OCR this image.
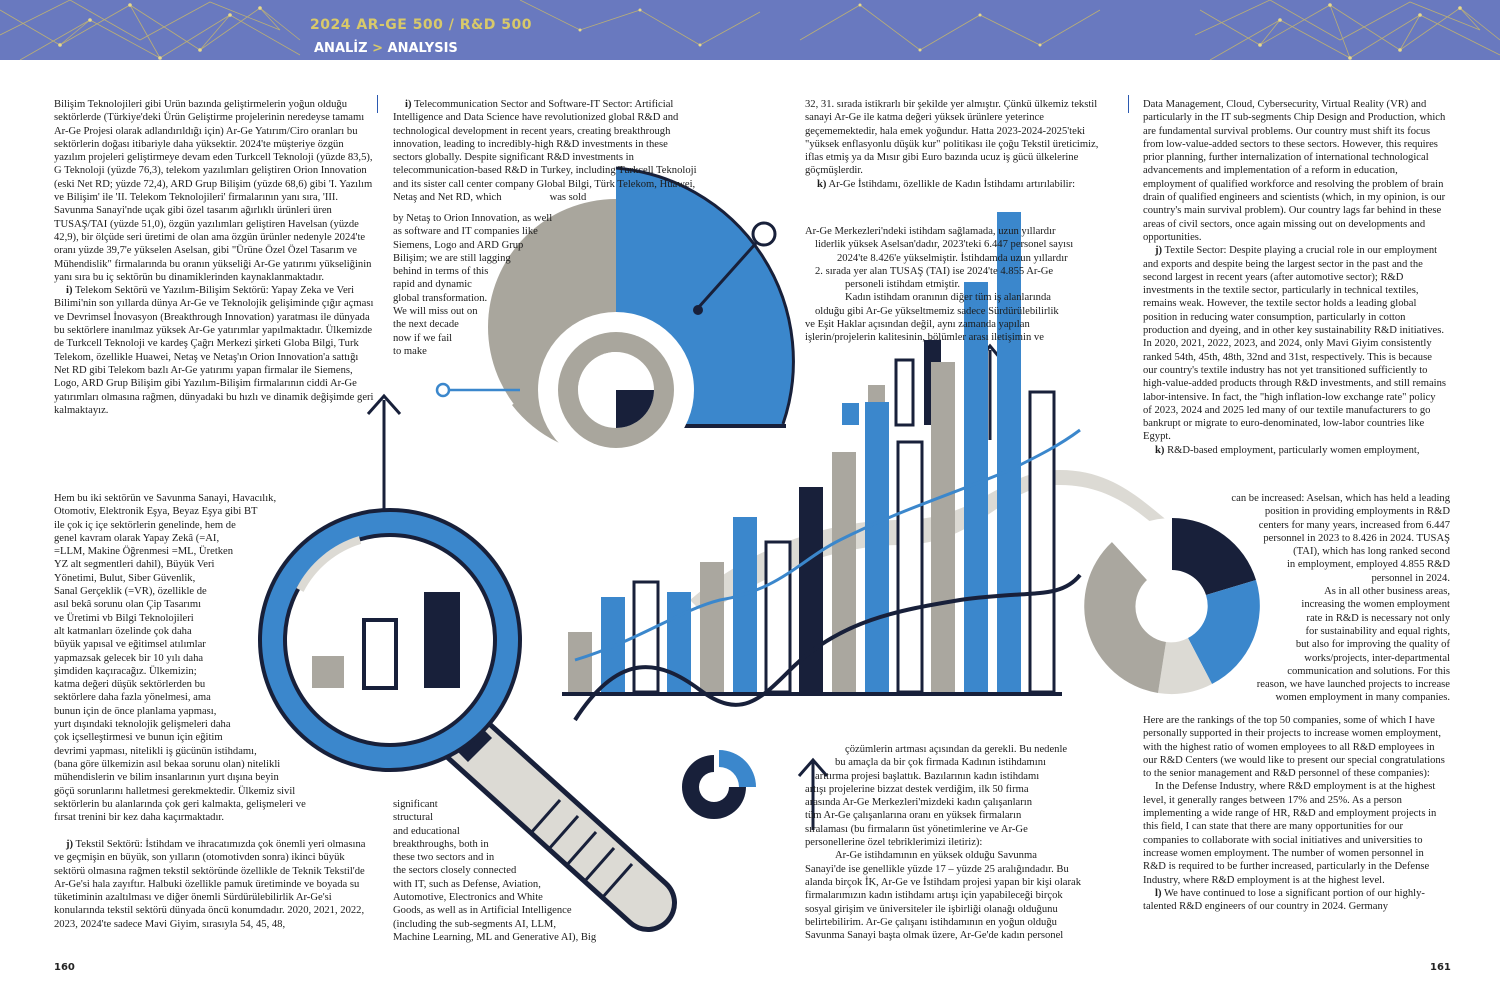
2024 AR-GE 500 / R&D 500
ANALİZ > ANALYSIS

Bilişim Teknolojileri gibi Urün bazında geliştirmelerin yoğun olduğu sektörlerde (Türkiye'deki Ürün Geliştirme projelerinin neredeyse tamamı Ar-Ge Projesi olarak adlandırıldığı için) Ar-Ge Yatırım/Ciro oranları bu sektörlerin doğası itibariyle daha yüksektir. 2024'te müşteriye özgün yazılım projeleri geliştirmeye devam eden Turkcell Teknoloji (yüzde 83,5), G Teknoloji (yüzde 76,3), telekom yazılımları geliştiren Orion Innovation (eski Net RD; yüzde 72,4), ARD Grup Bilişim (yüzde 68,6) gibi 'I. Yazılım ve Bilişim' ile 'II. Telekom Teknolojileri' firmalarının yanı sıra, 'III. Savunma Sanayi'nde uçak gibi özel tasarım ağırlıklı ürünleri üren TUSAŞ/TAI (yüzde 51,0), özgün yazılımları geliştiren Havelsan (yüzde 42,9), bir ölçüde seri üretimi de olan ama özgün ürünler nedenyle 2024'te oranı yüzde 39,7'e yükselen Aselsan, gibi "Ürüne Özel Özel Tasarım ve Mühendislik" firmalarında bu oranın yükseliği Ar-Ge yatırımı yükseliğinin yanı sıra bu iç sektörün bu dinamiklerinden kaynaklanmaktadır.

i) Telekom Sektörü ve Yazılım-Bilişim Sektörü: Yapay Zeka ve Veri Bilimi'nin son yıllarda dünya Ar-Ge ve Teknolojik gelişiminde çığır açması ve Devrimsel İnovasyon (Breakthrough Innovation) yaratması ile dünyada bu sektörlere inanılmaz yüksek Ar-Ge yatırımlar yapılmaktadır. Ülkemizde de Turkcell Teknoloji ve kardeş Çağrı Merkezi şirketi Globa Bilgi, Turk Telekom, özellikle Huawei, Netaş ve Netaş'ın Orion Innovation'a sattığı Net RD gibi Telekom bazlı Ar-Ge yatırımı yapan firmalar ile Siemens, Logo, ARD Grup Bilişim gibi Yazılım-Bilişim firmalarının ciddi Ar-Ge yatırımları olmasına rağmen, dünyadaki bu hızlı ve dinamik değişimde geri kalmaktayız.

Hem bu iki sektörün ve Savunma Sanayi, Havacılık,
Otomotiv, Elektronik Eşya, Beyaz Eşya gibi BT
ile çok iç içe sektörlerin genelinde, hem de
genel kavram olarak Yapay Zekâ (=AI,
=LLM, Makine Öğrenmesi =ML, Üretken
YZ alt segmentleri dahil), Büyük Veri
Yönetimi, Bulut, Siber Güvenlik,
Sanal Gerçeklik (=VR), özellikle de
asıl bekâ sorunu olan Çip Tasarımı
ve Üretimi vb Bilgi Teknolojileri
alt katmanları özelinde çok daha
büyük yapısal ve eğitimsel atılımlar
yapmazsak gelecek bir 10 yılı daha
şimdiden kaçıracağız. Ülkemizin;
katma değeri düşük sektörlerden bu
sektörlere daha fazla yönelmesi, ama
bunun için de önce planlama yapması,
yurt dışındaki teknolojik gelişmeleri daha
çok içselleştirmesi ve bunun için eğitim
devrimi yapması, nitelikli iş gücünün istihdamı,
(bana göre ülkemizin asıl bekaa sorunu olan) nitelikli
mühendislerin ve bilim insanlarının yurt dışına beyin
göçü sorunlarını halletmesi gerekmektedir. Ülkemiz sivil
sektörlerin bu alanlarında çok geri kalmakta, gelişmeleri ve
fırsat trenini bir kez daha kaçırmaktadır.

j) Tekstil Sektörü: İstihdam ve ihracatımızda çok önemli yeri olmasına ve geçmişin en büyük, son yılların (otomotivden sonra) ikinci büyük sektörü olmasına rağmen tekstil sektöründe özellikle de Teknik Tekstil'de Ar-Ge'si hala zayıftır. Halbuki özellikle pamuk üretiminde ve boyada su tüketiminin azaltılması ve diğer önemli Sürdürülebilirlik Ar-Ge'si konularında tekstil sektörü dünyada öncü konumdadır. 2020, 2021, 2022, 2023, 2024'te sadece Mavi Giyim, sırasıyla 54, 45, 48,

i) Telecommunication Sector and Software-IT Sector: Artificial Intelligence and Data Science have revolutionized global R&D and technological development in recent years, creating breakthrough innovation, leading to incredibly-high R&D investments in these sectors globally. Despite significant R&D investments in telecommunication-based R&D in Turkey, including Turkcell Teknoloji and its sister call center company Global Bilgi, Türk Telekom, Huawei, Netaş and Net RD, which	was sold

by Netaş to Orion Innovation, as well
as software and IT companies like
Siemens, Logo and ARD Grup
Bilişim; we are still lagging
behind in terms of this
rapid and dynamic
global transformation.
We will miss out on
the next decade
now if we fail
to make
significant
structural
and educational
breakthroughs, both in
these two sectors and in
the sectors closely connected
with IT, such as Defense, Aviation,
Automotive, Electronics and White
Goods, as well as in Artificial Intelligence
(including the sub-segments AI, LLM,
Machine Learning, ML and Generative AI), Big

32, 31. sırada istikrarlı bir şekilde yer almıştır. Çünkü ülkemiz tekstil sanayi Ar-Ge ile katma değeri yüksek ürünlere yeterince geçememektedir, hala emek yoğundur. Hatta 2023-2024-2025'teki "yüksek enflasyonlu düşük kur" politikası ile çoğu Tekstil üreticimiz, iflas etmiş ya da Mısır gibi Euro bazında ucuz iş gücü ülkelerine göçmüşlerdir.

k) Ar-Ge İstihdamı, özellikle de Kadın İstihdamı artırılabilir:

Ar-Ge Merkezleri'ndeki istihdam sağlamada, uzun yıllardır
liderlik yüksek Aselsan'dadır, 2023'teki 6.447 personel sayısı
2024'te 8.426'e yükselmiştir. İstihdamda uzun yıllardır
2. sırada yer alan TUSAŞ (TAI) ise 2024'te 4.855 Ar-Ge
personeli istihdam etmiştir.
Kadın istihdam oranının diğer tüm iş alanlarında
olduğu gibi Ar-Ge yükseltmemiz sadece Sürdürülebilirlik
ve Eşit Haklar açısından değil, aynı zamanda yapılan
işlerin/projelerin kalitesinin, bölümler arası iletişimin ve
çözümlerin artması açısından da gerekli. Bu nedenle
bu amaçla da bir çok firmada Kadının istihdamını
arttırma projesi başlattık. Bazılarının kadın istihdamı
artışı projelerine bizzat destek verdiğim, ilk 50 firma
arasında Ar-Ge Merkezleri'mizdeki kadın çalışanların
tüm Ar-Ge çalışanlarına oranı en yüksek firmaların
sıralaması (bu firmaların üst yönetimlerine ve Ar-Ge
personellerine özel tebriklerimizi iletiriz):
Ar-Ge istihdamının en yüksek olduğu Savunma
Sanayi'de ise genellikle yüzde 17 – yüzde 25 aralığındadır. Bu
alanda birçok İK, Ar-Ge ve İstihdam projesi yapan bir kişi olarak
firmalarımızın kadın istihdamı artışı için yapabileceği birçok
sosyal girişim ve üniversiteler ile işbirliği olanağı olduğunu
belirtebilirim. Ar-Ge çalışanı istihdamının en yoğun olduğu
Savunma Sanayi başta olmak üzere, Ar-Ge'de kadın personel

Data Management, Cloud, Cybersecurity, Virtual Reality (VR) and particularly in the IT sub-segments Chip Design and Production, which are fundamental survival problems. Our country must shift its focus from low-value-added sectors to these sectors. However, this requires prior planning, further internalization of international technological advancements and implementation of a reform in education, employment of qualified workforce and resolving the problem of brain drain of qualified engineers and scientists (which, in my opinion, is our country's main survival problem). Our country lags far behind in these areas of civil sectors, once again missing out on developments and opportunities.

j) Textile Sector: Despite playing a crucial role in our employment and exports and despite being the largest sector in the past and the second largest in recent years (after automotive sector); R&D investments in the textile sector, particularly in technical textiles, remains weak. However, the textile sector holds a leading global position in reducing water consumption, particularly in cotton production and dyeing, and in other key sustainability R&D initiatives. In 2020, 2021, 2022, 2023, and 2024, only Mavi Giyim consistently ranked 54th, 45th, 48th, 32nd and 31st, respectively. This is because our country's textile industry has not yet transitioned sufficiently to high-value-added products through R&D investments, and still remains labor-intensive. In fact, the "high inflation-low exchange rate" policy of 2023, 2024 and 2025 led many of our textile manufacturers to go bankrupt or migrate to euro-denominated, low-labor countries like Egypt.

k) R&D-based employment, particularly women employment,

can be increased: Aselsan, which has held a leading
position in providing employments in R&D
centers for many years, increased from 6.447
personnel in 2023 to 8.426 in 2024. TUSAŞ
(TAI), which has long ranked second
in employment, employed 4.855 R&D
personnel in 2024.
As in all other business areas,
increasing the women employment
rate in R&D is necessary not only
for sustainability and equal rights,
but also for improving the quality of
works/projects, inter-departmental
communication and solutions. For this
reason, we have launched projects to increase
women employment in many companies.

Here are the rankings of the top 50 companies, some of which I have personally supported in their projects to increase women employment, with the highest ratio of women employees to all R&D employees in our R&D Centers (we would like to present our special congratulations to the senior management and R&D personnel of these companies):

In the Defense Industry, where R&D employment is at the highest level, it generally ranges between 17% and 25%. As a person implementing a wide range of HR, R&D and employment projects in this field, I can state that there are many opportunities for our companies to collaborate with social initiatives and universities to increase women employment. The number of women personnel in R&D is required to be further increased, particularly in the Defense Industry, where R&D employment is at the highest level.

l) We have continued to lose a significant portion of our highly-talented R&D engineers of our country in 2024. Germany

160	161
